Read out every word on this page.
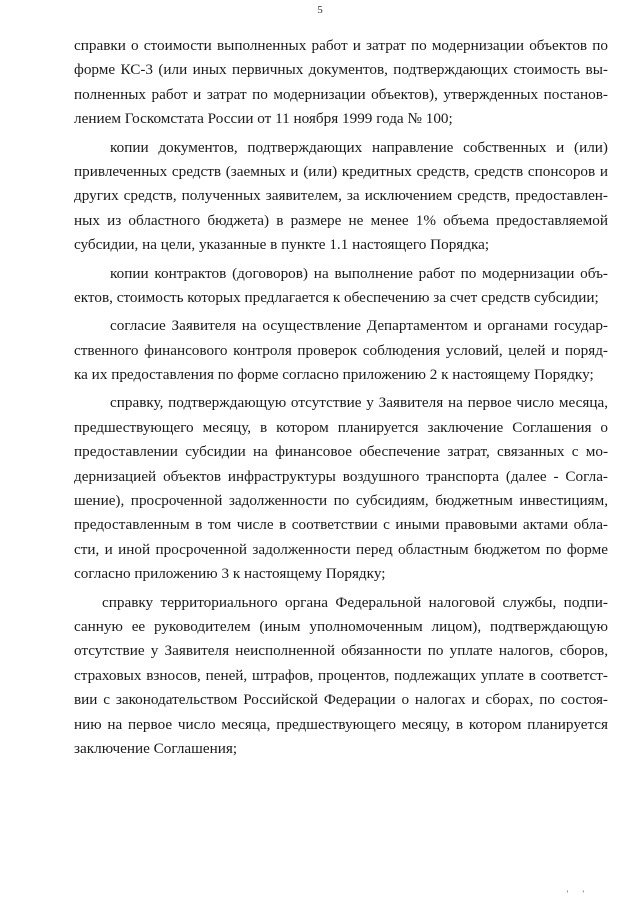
5
справки о стоимости выполненных работ и затрат по модернизации объектов по
форме КС-3 (или иных первичных документов, подтверждающих стоимость вы-
полненных работ и затрат по модернизации объектов), утвержденных постанов-
лением Госкомстата России от 11 ноября 1999 года № 100;
копии документов, подтверждающих направление собственных и (или)
привлеченных средств (заемных и (или) кредитных средств, средств спонсоров и
других средств, полученных заявителем, за исключением средств, предоставлен-
ных из областного бюджета) в размере не менее 1% объема предоставляемой
субсидии, на цели, указанные в пункте 1.1 настоящего Порядка;
копии контрактов (договоров) на выполнение работ по модернизации объ-
ектов, стоимость которых предлагается к обеспечению за счет средств субсидии;
согласие Заявителя на осуществление Департаментом и органами государ-
ственного финансового контроля проверок соблюдения условий, целей и поряд-
ка их предоставления по форме согласно приложению 2 к настоящему Порядку;
справку, подтверждающую отсутствие у Заявителя на первое число месяца,
предшествующего месяцу, в котором планируется заключение Соглашения о
предоставлении субсидии на финансовое обеспечение затрат, связанных с мо-
дернизацией объектов инфраструктуры воздушного транспорта (далее - Согла-
шение), просроченной задолженности по субсидиям, бюджетным инвестициям,
предоставленным в том числе в соответствии с иными правовыми актами обла-
сти, и иной просроченной задолженности перед областным бюджетом по форме
согласно приложению 3 к настоящему Порядку;
справку территориального органа Федеральной налоговой службы, подпи-
санную ее руководителем (иным уполномоченным лицом), подтверждающую
отсутствие у Заявителя неисполненной обязанности по уплате налогов, сборов,
страховых взносов, пеней, штрафов, процентов, подлежащих уплате в соответст-
вии с законодательством Российской Федерации о налогах и сборах, по состоя-
нию на первое число месяца, предшествующего месяцу, в котором планируется
заключение Соглашения;
' '
